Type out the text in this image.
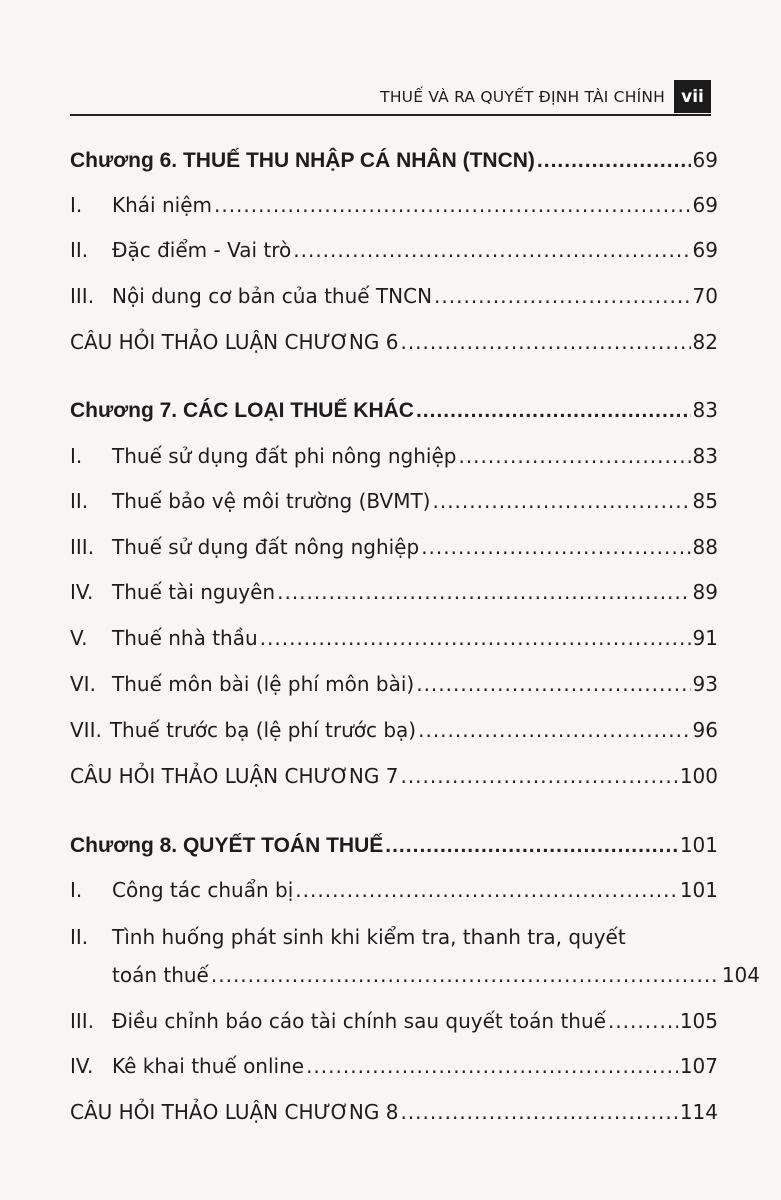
THUẾ VÀ RA QUYẾT ĐỊNH TÀI CHÍNH vii
Chương 6. THUẾ THU NHẬP CÁ NHÂN (TNCN) .....	69
I.	Khái niệm .....	69
II.	Đặc điểm - Vai trò .....	69
III. Nội dung cơ bản của thuế TNCN .....	70
CÂU HỎI THẢO LUẬN CHƯƠNG 6 .....	82
Chương 7. CÁC LOẠI THUẾ KHÁC .....	83
I.	Thuế sử dụng đất phi nông nghiệp .....	83
II.	Thuế bảo vệ môi trường (BVMT) .....	85
III. Thuế sử dụng đất nông nghiệp .....	88
IV. Thuế tài nguyên .....	89
V.	Thuế nhà thầu .....	91
VI. Thuế môn bài (lệ phí môn bài) .....	93
VII. Thuế trước bạ (lệ phí trước bạ) .....	96
CÂU HỎI THẢO LUẬN CHƯƠNG 7 .....	100
Chương 8. QUYẾT TOÁN THUẾ .....	101
I.	Công tác chuẩn bị .....	101
II.	Tình huống phát sinh khi kiểm tra, thanh tra, quyết
toán thuế .....	104
III. Điều chỉnh báo cáo tài chính sau quyết toán thuế .....	105
IV. Kê khai thuế online .....	107
CÂU HỎI THẢO LUẬN CHƯƠNG 8 .....	114
